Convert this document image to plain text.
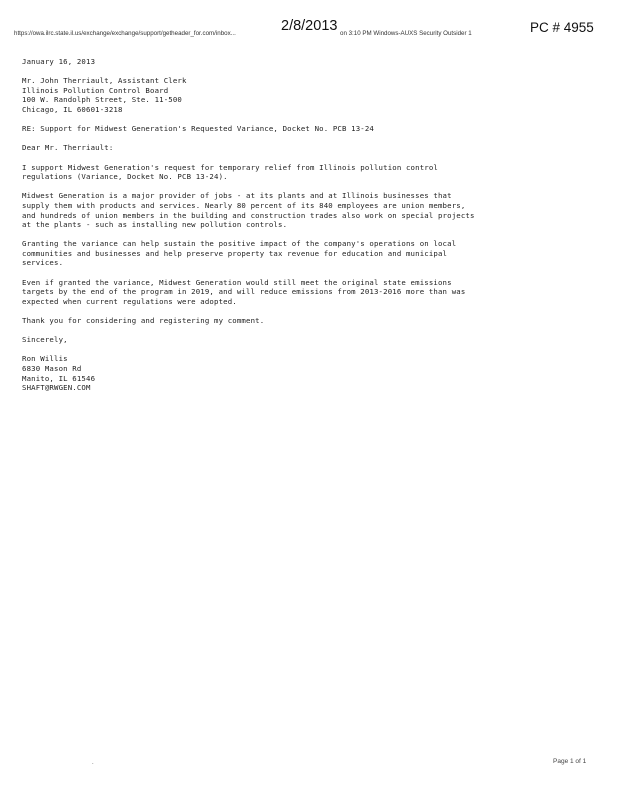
https://owa.ilrc.state.il.us/exchange/exchange/support/getheader_for.com/inbox...	2/8/2013 on 3:10 PM Windows-AUXS Security Outsider 1	PC # 4955
January 16, 2013
Mr. John Therriault, Assistant Clerk
Illinois Pollution Control Board
100 W. Randolph Street, Ste. 11-500
Chicago, IL 60601-3218
RE: Support for Midwest Generation's Requested Variance, Docket No. PCB 13-24
Dear Mr. Therriault:
I support Midwest Generation's request for temporary relief from Illinois pollution control
regulations (Variance, Docket No. PCB 13-24).
Midwest Generation is a major provider of jobs - at its plants and at Illinois businesses that
supply them with products and services. Nearly 80 percent of its 840 employees are union members,
and hundreds of union members in the building and construction trades also work on special projects
at the plants - such as installing new pollution controls.
Granting the variance can help sustain the positive impact of the company's operations on local
communities and businesses and help preserve property tax revenue for education and municipal
services.
Even if granted the variance, Midwest Generation would still meet the original state emissions
targets by the end of the program in 2019, and will reduce emissions from 2013-2016 more than was
expected when current regulations were adopted.
Thank you for considering and registering my comment.
Sincerely,
Ron Willis
6830 Mason Rd
Manito, IL 61546
SHAFT@RWGEN.COM
.	Page 1 of 1
